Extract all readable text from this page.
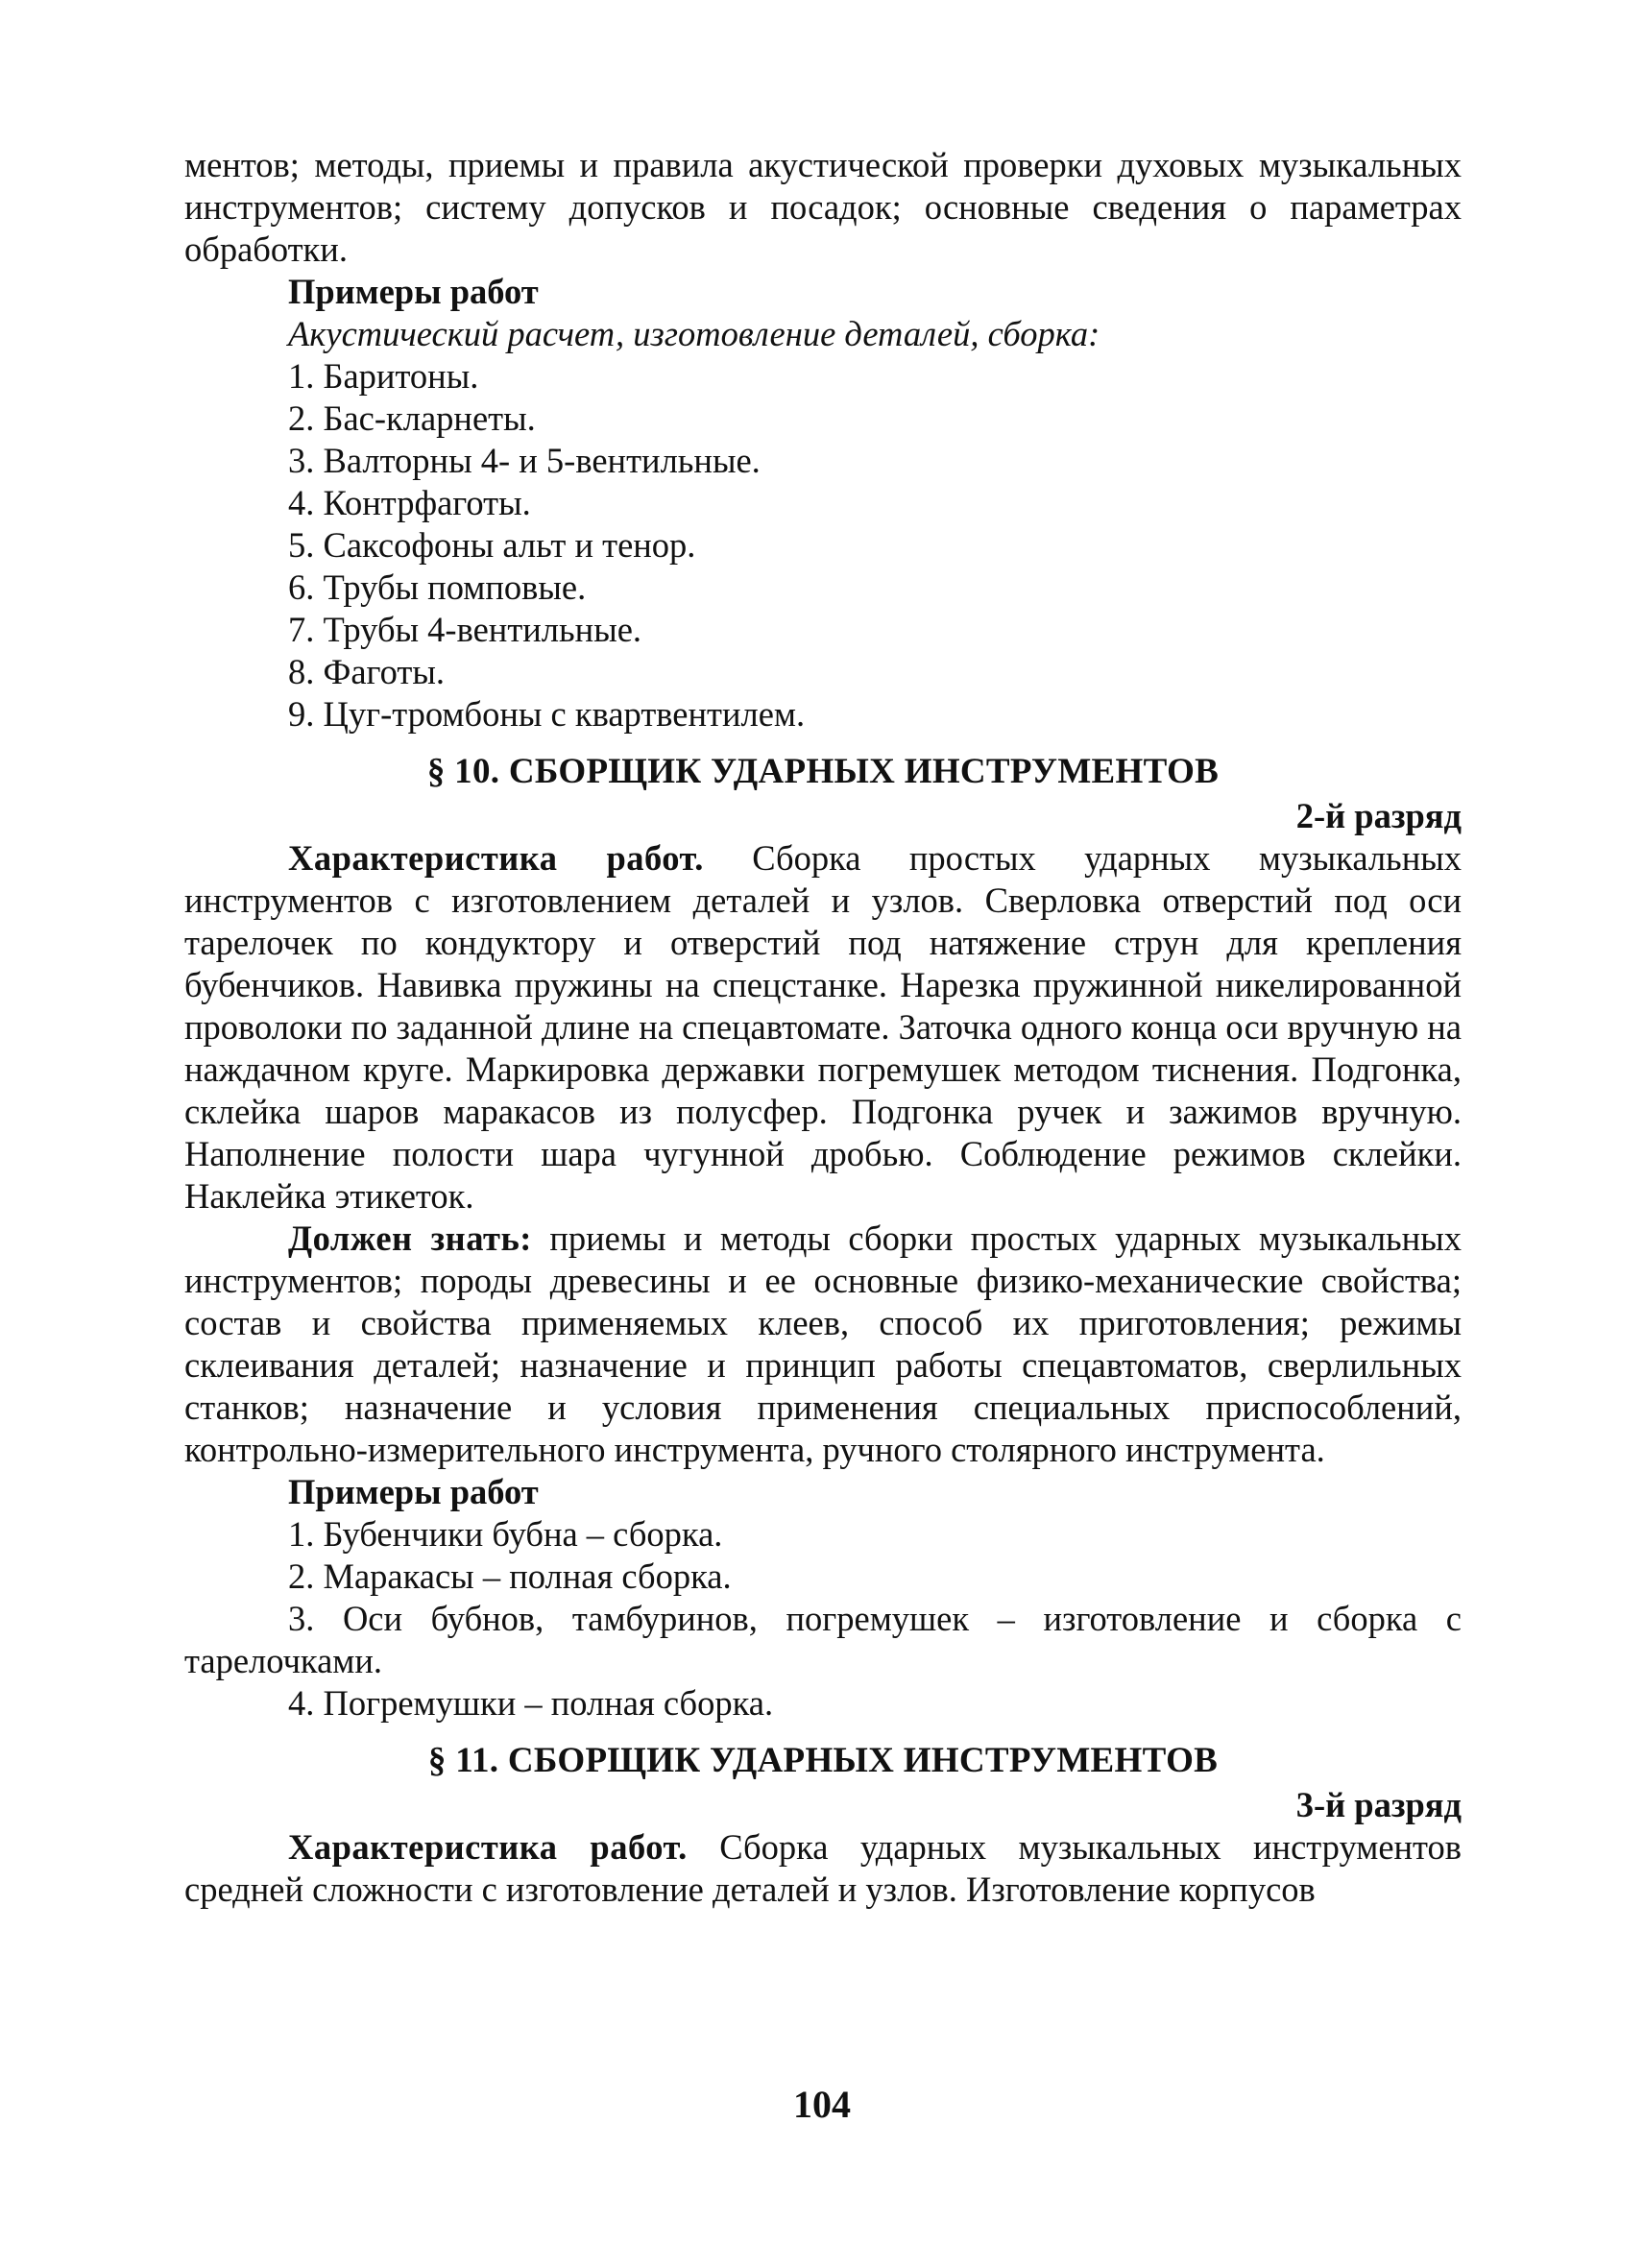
ментов; методы, приемы и правила акустической проверки духовых музыкальных инструментов; систему допусков и посадок; основные сведения о параметрах обработки.

Примеры работ

Акустический расчет, изготовление деталей, сборка:

1. Баритоны.

2. Бас-кларнеты.

3. Валторны 4- и 5-вентильные.

4. Контрфаготы.

5. Саксофоны альт и тенор.

6. Трубы помповые.

7. Трубы 4-вентильные.

8. Фаготы.

9. Цуг-тромбоны с квартвентилем.

§ 10. СБОРЩИК УДАРНЫХ ИНСТРУМЕНТОВ

2-й разряд

Характеристика работ. Сборка простых ударных музыкальных инструментов с изготовлением деталей и узлов. Сверловка отверстий под оси тарелочек по кондуктору и отверстий под натяжение струн для крепления бубенчиков. Навивка пружины на спецстанке. Нарезка пружинной никелированной проволоки по заданной длине на спецавтомате. Заточка одного конца оси вручную на наждачном круге. Маркировка державки погремушек методом тиснения. Подгонка, склейка шаров маракасов из полусфер. Подгонка ручек и зажимов вручную. Наполнение полости шара чугунной дробью. Соблюдение режимов склейки. Наклейка этикеток.

Должен знать: приемы и методы сборки простых ударных музыкальных инструментов; породы древесины и ее основные физико-механические свойства; состав и свойства применяемых клеев, способ их приготовления; режимы склеивания деталей; назначение и принцип работы спецавтоматов, сверлильных станков; назначение и условия применения специальных приспособлений, контрольно-измерительного инструмента, ручного столярного инструмента.

Примеры работ

1. Бубенчики бубна – сборка.

2. Маракасы – полная сборка.

3. Оси бубнов, тамбуринов, погремушек – изготовление и сборка с тарелочками.

4. Погремушки – полная сборка.

§ 11. СБОРЩИК УДАРНЫХ ИНСТРУМЕНТОВ

3-й разряд

Характеристика работ. Сборка ударных музыкальных инструментов средней сложности с изготовление деталей и узлов. Изготовление корпусов

104
